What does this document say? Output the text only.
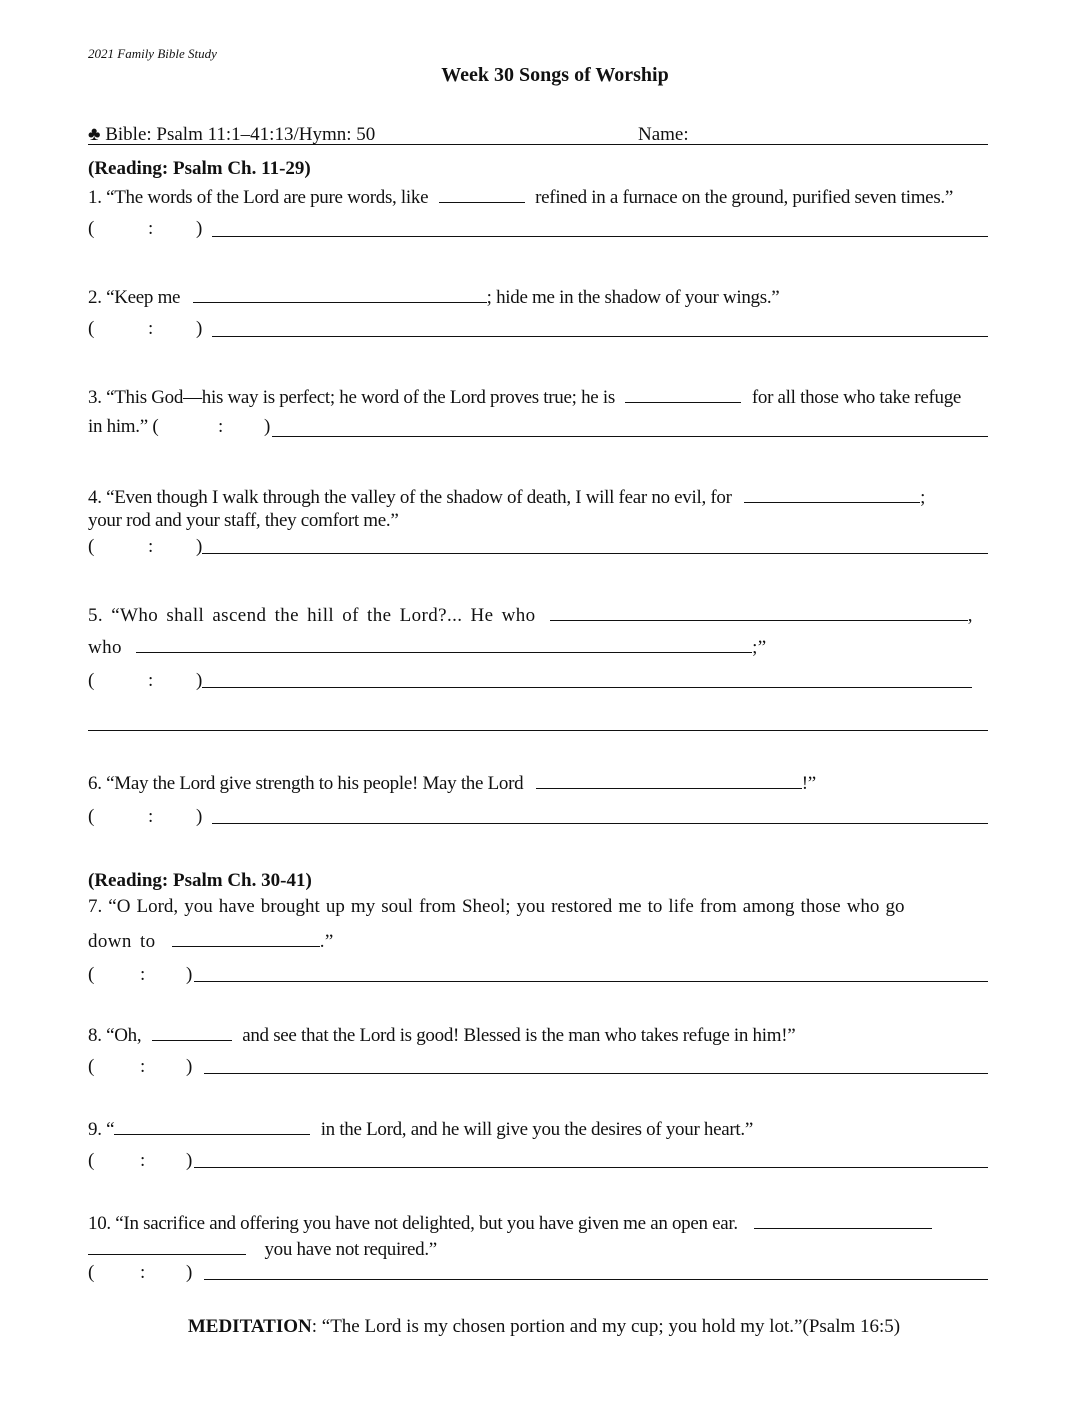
2021 Family Bible Study
Week 30 Songs of Worship
♣ Bible: Psalm 11:1–41:13/Hymn: 50	Name:
(Reading: Psalm Ch. 11-29)
1. “The words of the Lord are pure words, like	refined in a furnace on the ground, purified seven times.”
(	: )
2. “Keep me	; hide me in the shadow of your wings.”
(	: )
3. “This God—his way is perfect; he word of the Lord proves true; he is	for all those who take refuge
in him.” (	: )
4. “Even though I walk through the valley of the shadow of death, I will fear no evil, for	;
your rod and your staff, they comfort me.”
(	: )
5. “Who shall ascend the hill of the Lord?... He who	,
who	;”
(	: )
6. “May the Lord give strength to his people! May the Lord	!”
(	: )
(Reading: Psalm Ch. 30-41)
7. “O Lord, you have brought up my soul from Sheol; you restored me to life from among those who go
down to	.”
( : )
8. “Oh,	and see that the Lord is good! Blessed is the man who takes refuge in him!”
( : )
9. “	in the Lord, and he will give you the desires of your heart.”
( : )
10. “In sacrifice and offering you have not delighted, but you have given me an open ear.
you have not required.”
( : )
MEDITATION: “The Lord is my chosen portion and my cup; you hold my lot.”(Psalm 16:5)
